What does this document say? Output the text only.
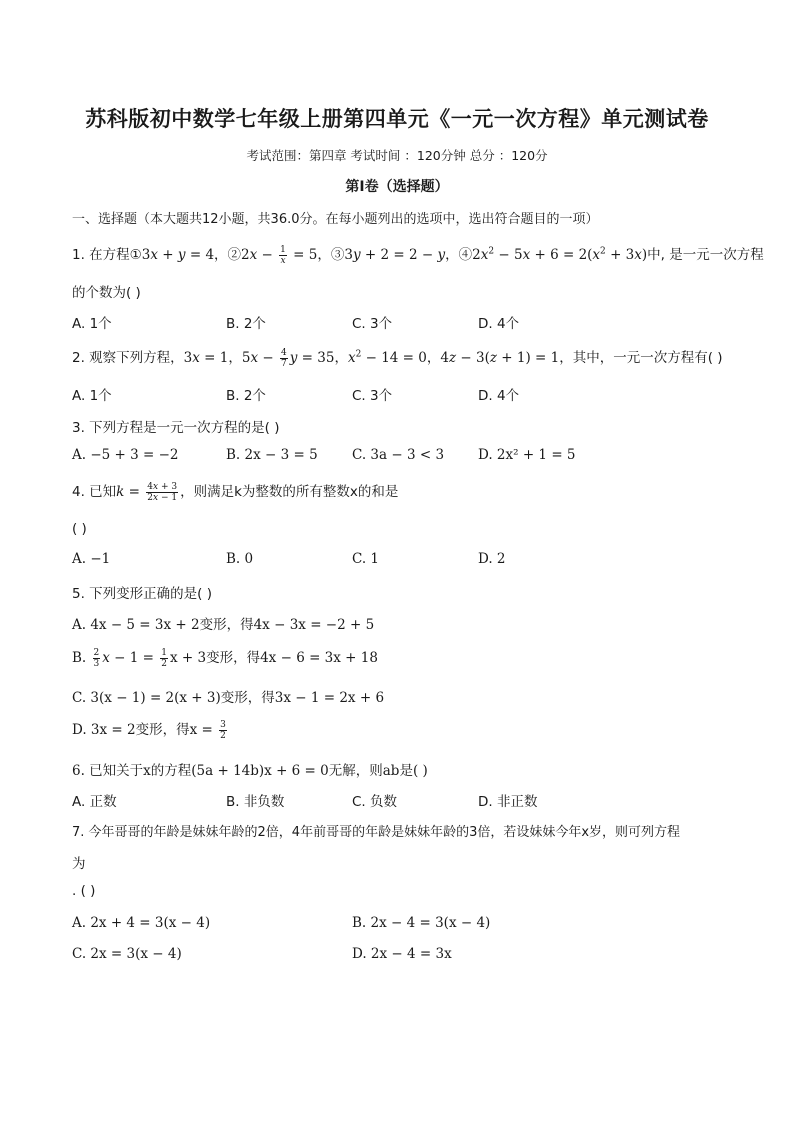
苏科版初中数学七年级上册第四单元《一元一次方程》单元测试卷
考试范围：第四章 考试时间 ：120分钟 总分 ：120分
第I卷（选择题）
一、选择题（本大题共12小题，共36.0分。在每小题列出的选项中，选出符合题目的一项）
1. 在方程①3x + y = 4，②2x − $\frac{1}{x} = 5$，③3y + 2 = 2 − y，$④2x^2 - 5x + 6 = 2(x^2 + 3x)$中, 是一元一次方程
的个数为( )
A. 1个	B. 2个	C. 3个	D. 4个
2. 观察下列方程，3x = 1，$5x - \frac{4}{7}$ y = 35，$x^2 - 14 = 0$，4z − 3(z + 1) = 1，其中，一元一次方程有( )
A. 1个	B. 2个	C. 3个	D. 4个
3. 下列方程是一元一次方程的是( )
A. −5 + 3 = −2	B. 2x − 3 = 5	C. 3a − 3 < 3	D. 2x² + 1 = 5
4. 已知$k = \frac{4x + 3}{2x - 1}$ ，则满足k为整数的所有整数x的和是
( )
A. −1	B. 0	C. 1	D. 2
5. 下列变形正确的是( )
A. 4x − 5 = 3x + 2变形，得4x − 3x = −2 + 5
B. $\frac{2}{3}$ $x - 1 = \frac{1}{2}$ x + 3变形，得4x − 6 = 3x + 18
C. 3(x − 1) = 2(x + 3)变形，得3x − 1 = 2x + 6
D. 3x = 2变形，得$x = \frac{3}{2}$
6. 已知关于x的方程(5a + 14b)x + 6 = 0无解，则ab是( )
A. 正数	B. 非负数	C. 负数	D. 非正数
7. 今年哥哥的年龄是妹妹年龄的2倍，4年前哥哥的年龄是妹妹年龄的3倍，若设妹妹今年x岁，则可列方程
为
. ( )
A. 2x + 4 = 3(x − 4)	B. 2x − 4 = 3(x − 4)
C. 2x = 3(x − 4)	D. 2x − 4 = 3x
